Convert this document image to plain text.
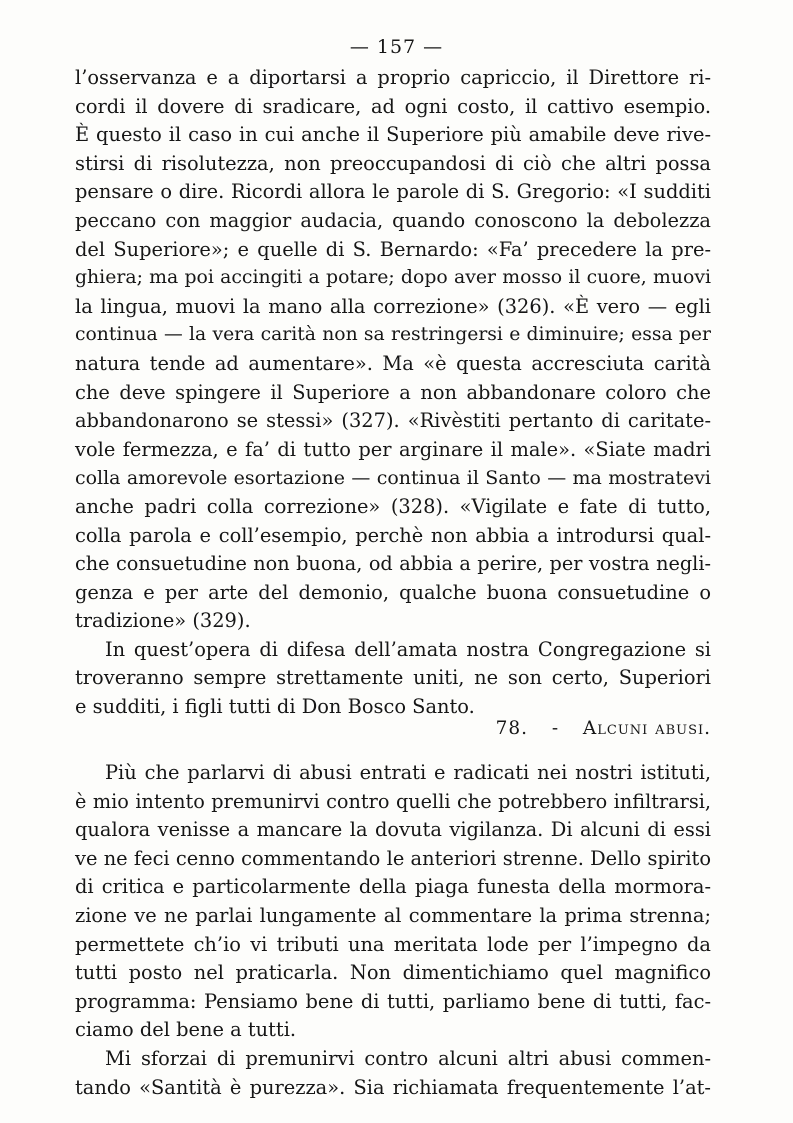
— 157 —
l’osservanza e a diportarsi a proprio capriccio, il Direttore ri-
cordi il dovere di sradicare, ad ogni costo, il cattivo esempio.
È questo il caso in cui anche il Superiore più amabile deve rive-
stirsi di risolutezza, non preoccupandosi di ciò che altri possa
pensare o dire. Ricordi allora le parole di S. Gregorio: «I sudditi
peccano con maggior audacia, quando conoscono la debolezza
del Superiore»; e quelle di S. Bernardo: «Fa’ precedere la pre-
ghiera; ma poi accingiti a potare; dopo aver mosso il cuore, muovi
la lingua, muovi la mano alla correzione» (326). «È vero — egli
continua — la vera carità non sa restringersi e diminuire; essa per
natura tende ad aumentare». Ma «è questa accresciuta carità
che deve spingere il Superiore a non abbandonare coloro che
abbandonarono se stessi» (327). «Rivèstiti pertanto di caritate-
vole fermezza, e fa’ di tutto per arginare il male». «Siate madri
colla amorevole esortazione — continua il Santo — ma mostratevi
anche padri colla correzione» (328). «Vigilate e fate di tutto,
colla parola e coll’esempio, perchè non abbia a introdursi qual-
che consuetudine non buona, od abbia a perire, per vostra negli-
genza e per arte del demonio, qualche buona consuetudine o
tradizione» (329).
In quest’opera di difesa dell’amata nostra Congregazione si
troveranno sempre strettamente uniti, ne son certo, Superiori
e sudditi, i figli tutti di Don Bosco Santo.
78. - Alcuni abusi.
Più che parlarvi di abusi entrati e radicati nei nostri istituti,
è mio intento premunirvi contro quelli che potrebbero infiltrarsi,
qualora venisse a mancare la dovuta vigilanza. Di alcuni di essi
ve ne feci cenno commentando le anteriori strenne. Dello spirito
di critica e particolarmente della piaga funesta della mormora-
zione ve ne parlai lungamente al commentare la prima strenna;
permettete ch’io vi tributi una meritata lode per l’impegno da
tutti posto nel praticarla. Non dimentichiamo quel magnifico
programma: Pensiamo bene di tutti, parliamo bene di tutti, fac-
ciamo del bene a tutti.
Mi sforzai di premunirvi contro alcuni altri abusi commen-
tando «Santità è purezza». Sia richiamata frequentemente l’at-
